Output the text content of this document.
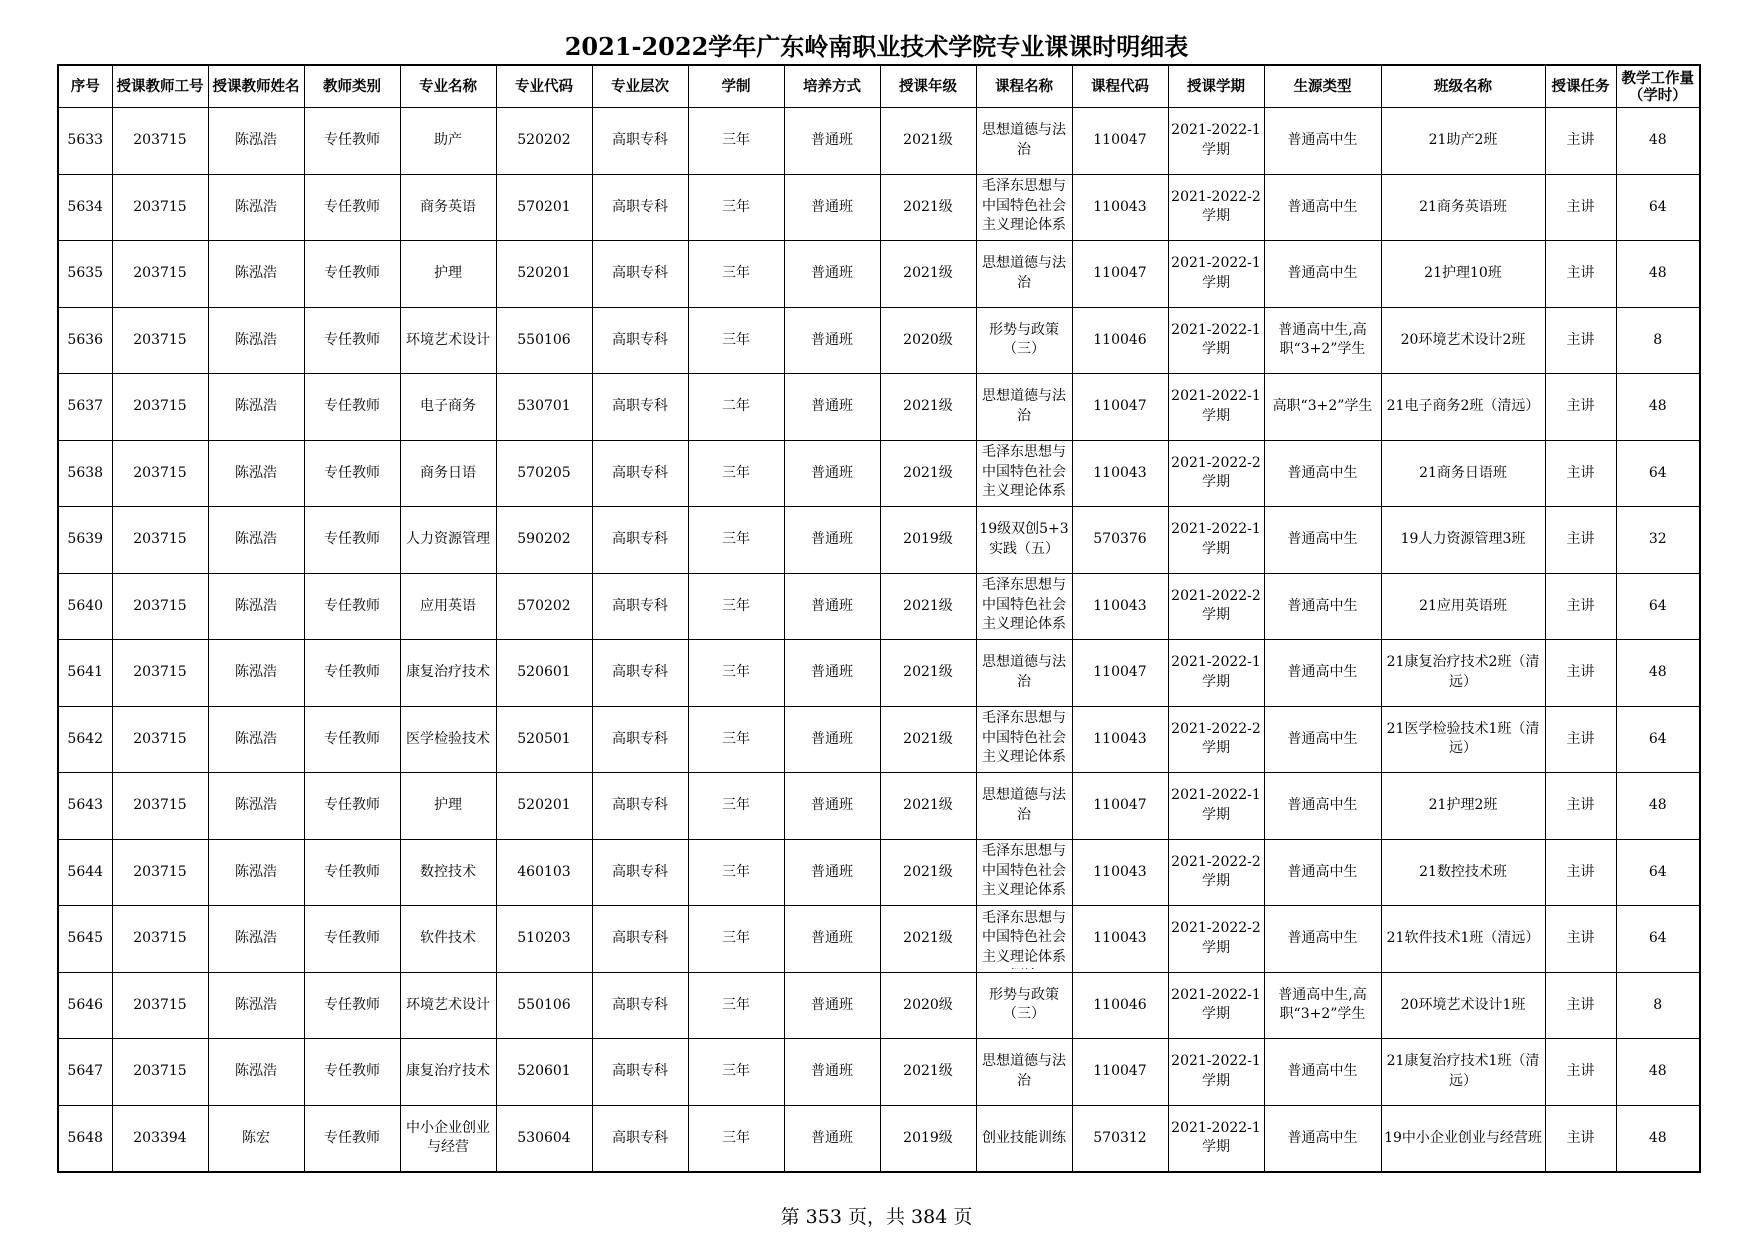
2021-2022学年广东岭南职业技术学院专业课课时明细表
序号	授课教师工号	授课教师姓名	教师类别	专业名称	专业代码	专业层次	学制	培养方式	授课年级	课程名称	课程代码	授课学期	生源类型	班级名称	授课任务	教学工作量（学时）

5633	203715	陈泓浩	专任教师	助产	520202	高职专科	三年	普通班	2021级	思想道德与法治	110047	2021-2022-1学期	普通高中生	21助产2班	主讲	48

5634	203715	陈泓浩	专任教师	商务英语	570201	高职专科	三年	普通班	2021级	毛泽东思想与中国特色社会主义理论体系	110043	2021-2022-2学期	普通高中生	21商务英语班	主讲	64

5635	203715	陈泓浩	专任教师	护理	520201	高职专科	三年	普通班	2021级	思想道德与法治	110047	2021-2022-1学期	普通高中生	21护理10班	主讲	48

5636	203715	陈泓浩	专任教师	环境艺术设计	550106	高职专科	三年	普通班	2020级	形势与政策（三）	110046	2021-2022-1学期	普通高中生,高职“3+2”学生	20环境艺术设计2班	主讲	8

5637	203715	陈泓浩	专任教师	电子商务	530701	高职专科	二年	普通班	2021级	思想道德与法治	110047	2021-2022-1学期	高职“3+2”学生	21电子商务2班（清远）	主讲	48

5638	203715	陈泓浩	专任教师	商务日语	570205	高职专科	三年	普通班	2021级	毛泽东思想与中国特色社会主义理论体系	110043	2021-2022-2学期	普通高中生	21商务日语班	主讲	64

5639	203715	陈泓浩	专任教师	人力资源管理	590202	高职专科	三年	普通班	2019级	19级双创5+3实践（五）	570376	2021-2022-1学期	普通高中生	19人力资源管理3班	主讲	32

5640	203715	陈泓浩	专任教师	应用英语	570202	高职专科	三年	普通班	2021级	毛泽东思想与中国特色社会主义理论体系	110043	2021-2022-2学期	普通高中生	21应用英语班	主讲	64

5641	203715	陈泓浩	专任教师	康复治疗技术	520601	高职专科	三年	普通班	2021级	思想道德与法治	110047	2021-2022-1学期	普通高中生	21康复治疗技术2班（清远）	主讲	48

5642	203715	陈泓浩	专任教师	医学检验技术	520501	高职专科	三年	普通班	2021级	毛泽东思想与中国特色社会主义理论体系	110043	2021-2022-2学期	普通高中生	21医学检验技术1班（清远）	主讲	64

5643	203715	陈泓浩	专任教师	护理	520201	高职专科	三年	普通班	2021级	思想道德与法治	110047	2021-2022-1学期	普通高中生	21护理2班	主讲	48

5644	203715	陈泓浩	专任教师	数控技术	460103	高职专科	三年	普通班	2021级	毛泽东思想与中国特色社会主义理论体系	110043	2021-2022-2学期	普通高中生	21数控技术班	主讲	64

5645	203715	陈泓浩	专任教师	软件技术	510203	高职专科	三年	普通班	2021级	毛泽东思想与中国特色社会主义理论体系	110043	2021-2022-2学期	普通高中生	21软件技术1班（清远）	主讲	64

5646	203715	陈泓浩	专任教师	环境艺术设计	550106	高职专科	三年	普通班	2020级	形势与政策（三）	110046	2021-2022-1学期	普通高中生,高职“3+2”学生	20环境艺术设计1班	主讲	8

5647	203715	陈泓浩	专任教师	康复治疗技术	520601	高职专科	三年	普通班	2021级	思想道德与法治	110047	2021-2022-1学期	普通高中生	21康复治疗技术1班（清远）	主讲	48

5648	203394	陈宏	专任教师	中小企业创业与经营	530604	高职专科	三年	普通班	2019级	创业技能训练	570312	2021-2022-1学期	普通高中生	19中小企业创业与经营班	主讲	48
第 353 页，共 384 页
